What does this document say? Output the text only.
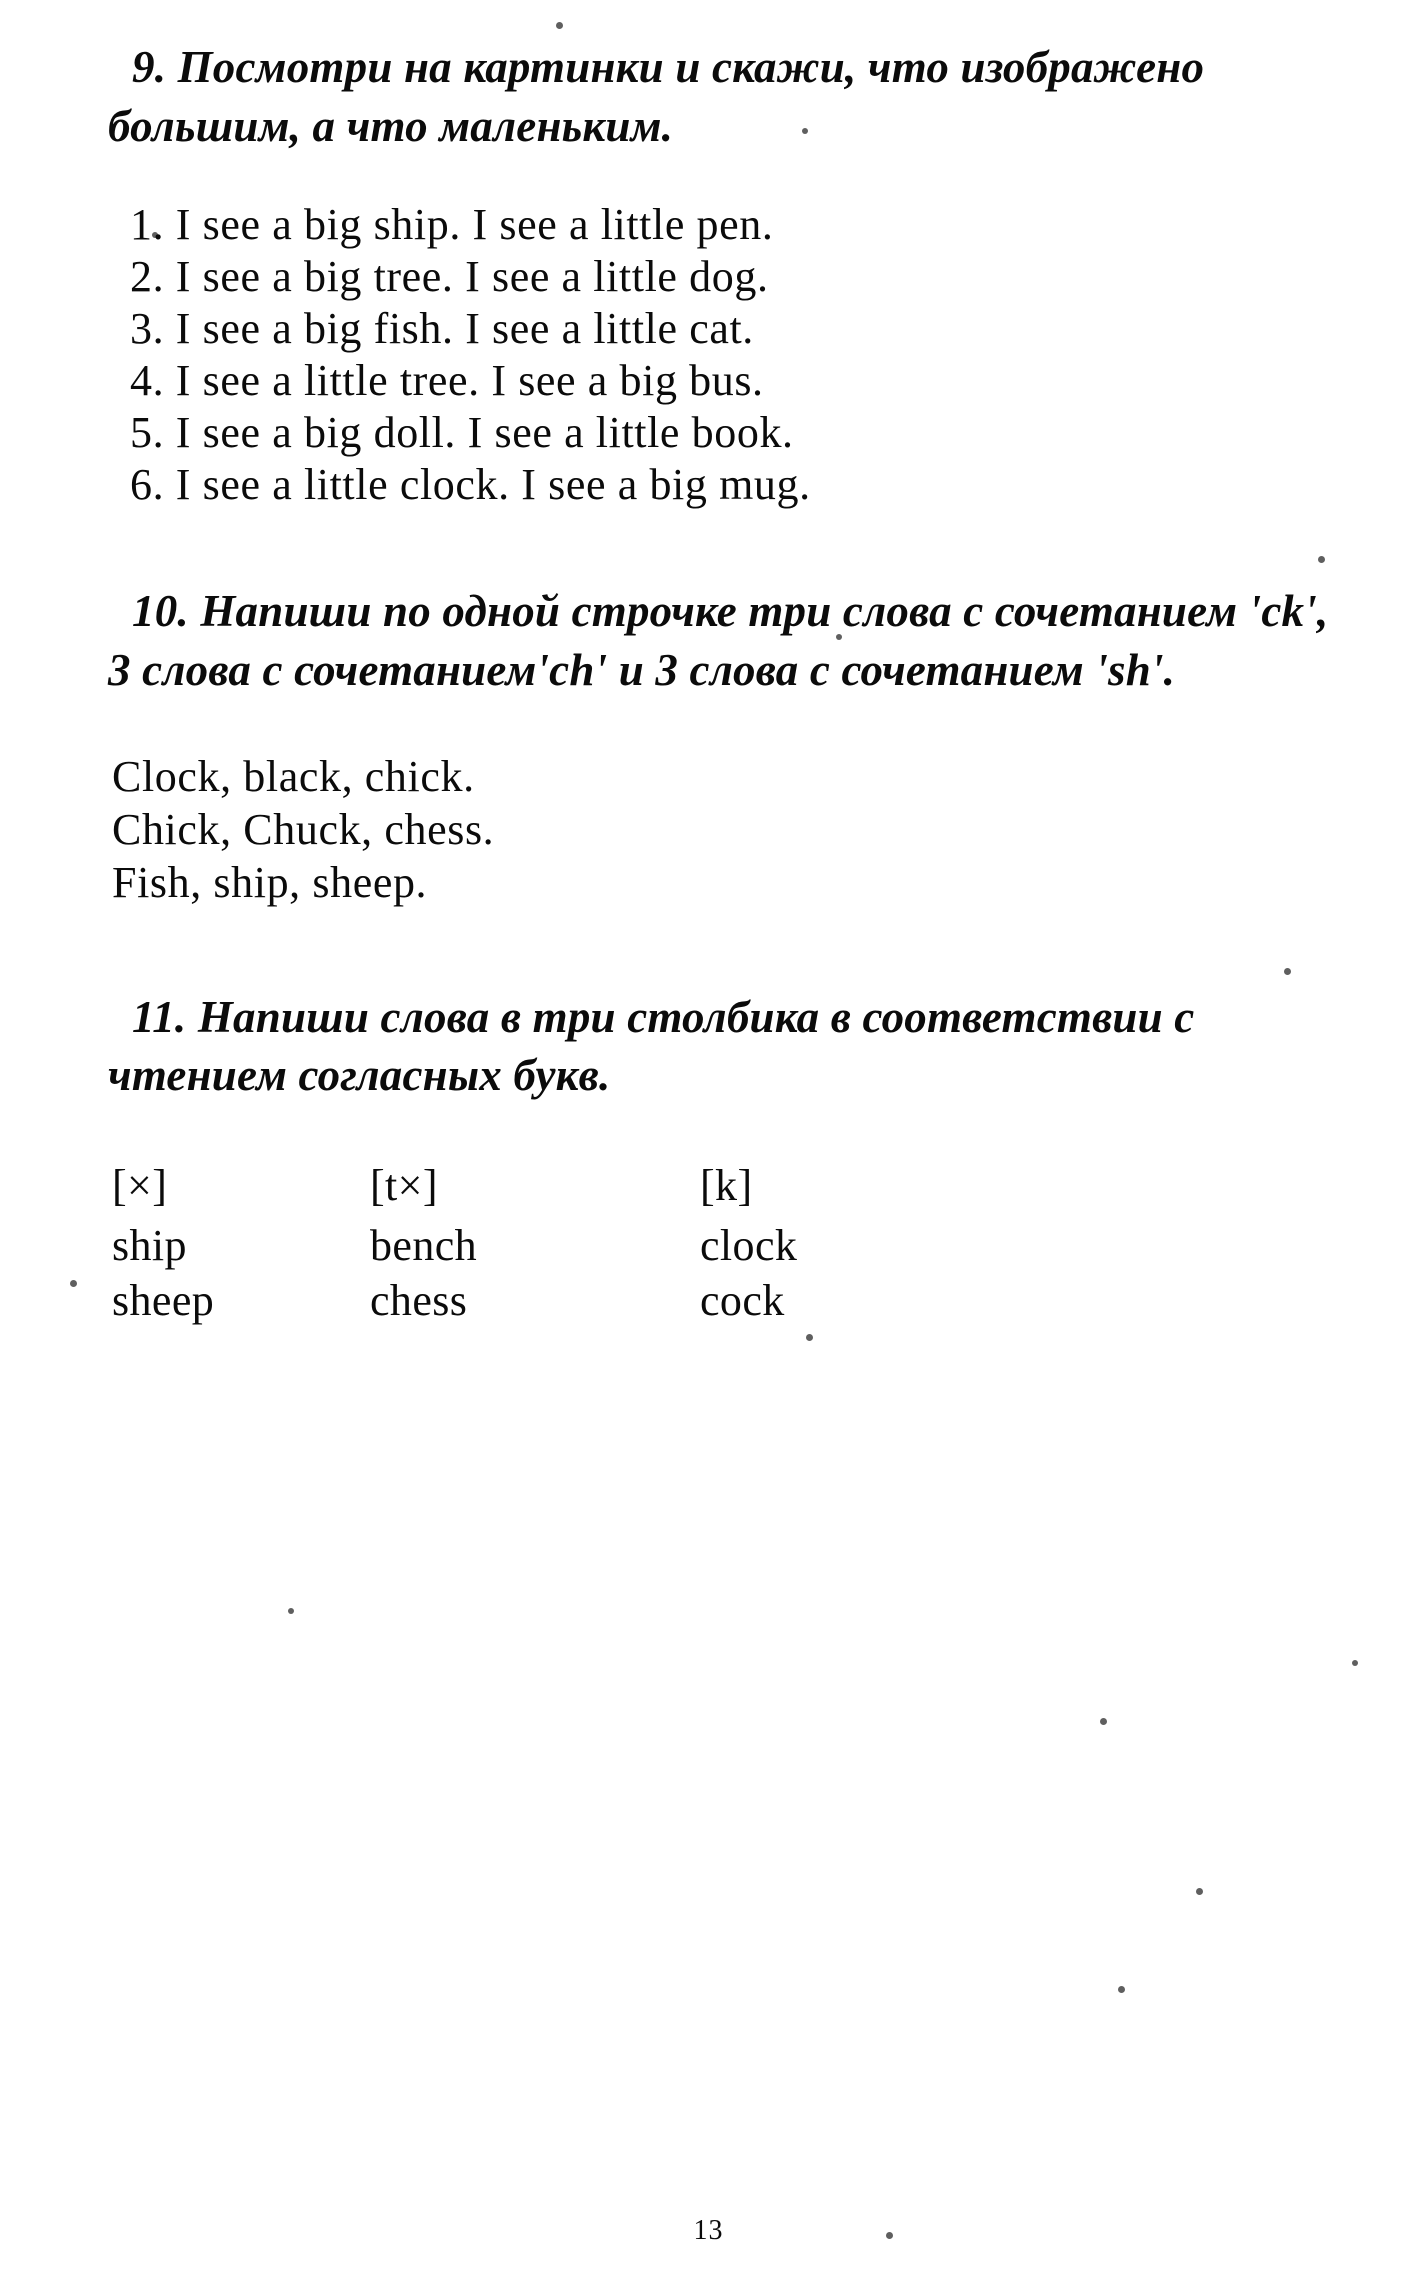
9. Посмотри на картинки и скажи, что изображено большим, а что маленьким.
1. I see a big ship. I see a little pen.
2. I see a big tree. I see a little dog.
3. I see a big fish. I see a little cat.
4. I see a little tree. I see a big bus.
5. I see a big doll. I see a little book.
6. I see a little clock. I see a big mug.
10. Напиши по одной строчке три слова с сочетанием 'ck', 3 слова с сочетанием'ch' и 3 слова с сочетанием 'sh'.
Clock, black, chick.
Chick, Chuck, chess.
Fish, ship, sheep.
11. Напиши слова в три столбика в соответствии с чтением согласных букв.
[×]	[t×]	[k]
ship	bench	clock
sheep	chess	cock
13
